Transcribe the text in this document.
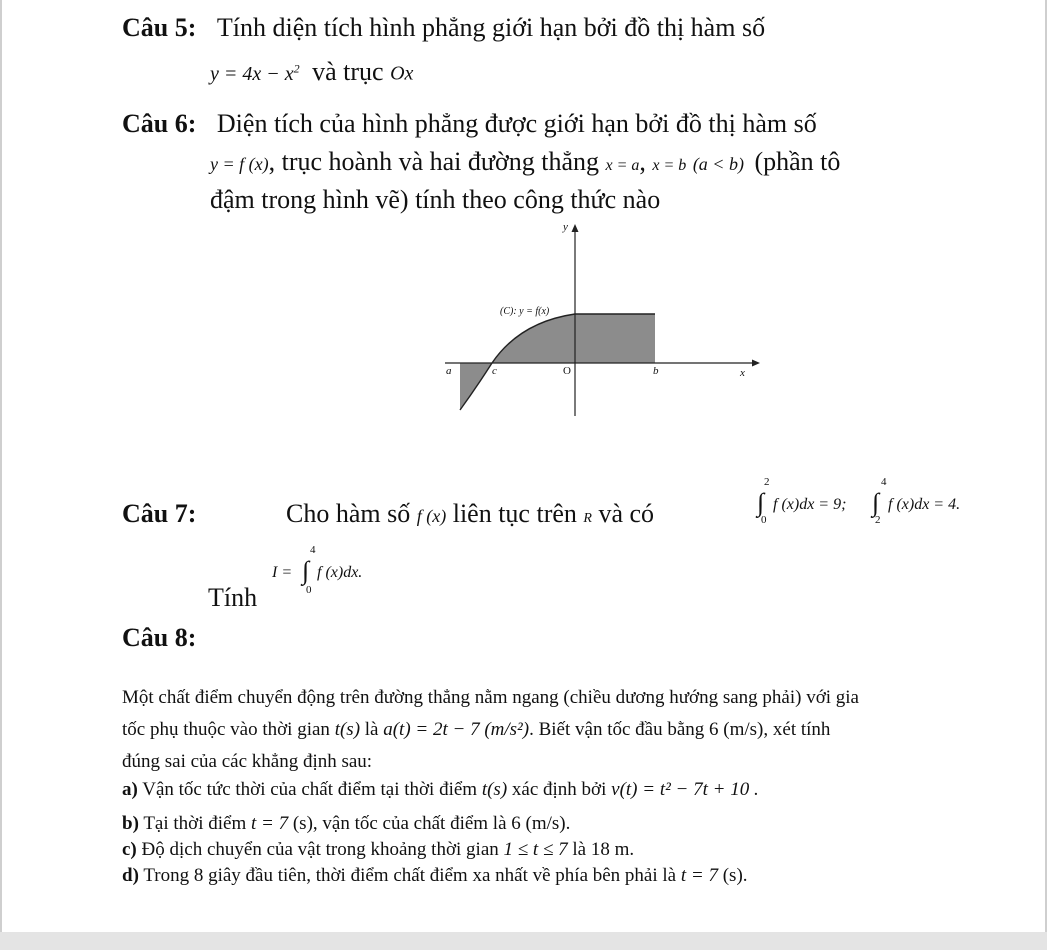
Câu 5: Tính diện tích hình phẳng giới hạn bởi đồ thị hàm số
$y = 4x - x^2$ và trục Ox
Câu 6: Diện tích của hình phẳng được giới hạn bởi đồ thị hàm số
y = f (x), trục hoành và hai đường thẳng x = a, x = b (a < b) (phần tô
đậm trong hình vẽ) tính theo công thức nào
y
x
(C): y = f(x)
a	c	O	b
Câu 7:	Cho hàm số f (x) liên tục trên R và có
2
∫
0
f (x)dx = 9;
4
∫
2
f (x)dx = 4.
Tính
I =
4
∫
0
f (x)dx.
Câu 8:
Một chất điểm chuyển động trên đường thẳng nằm ngang (chiều dương hướng sang phải) với gia
tốc phụ thuộc vào thời gian t(s) là a(t) = 2t − 7 (m/s²). Biết vận tốc đầu bằng 6 (m/s), xét tính
đúng sai của các khẳng định sau:
a) Vận tốc tức thời của chất điểm tại thời điểm t(s) xác định bởi v(t) = t² − 7t + 10 .
b) Tại thời điểm t = 7 (s), vận tốc của chất điểm là 6 (m/s).
c) Độ dịch chuyển của vật trong khoảng thời gian 1 ≤ t ≤ 7 là 18 m.
d) Trong 8 giây đầu tiên, thời điểm chất điểm xa nhất về phía bên phải là t = 7 (s).
